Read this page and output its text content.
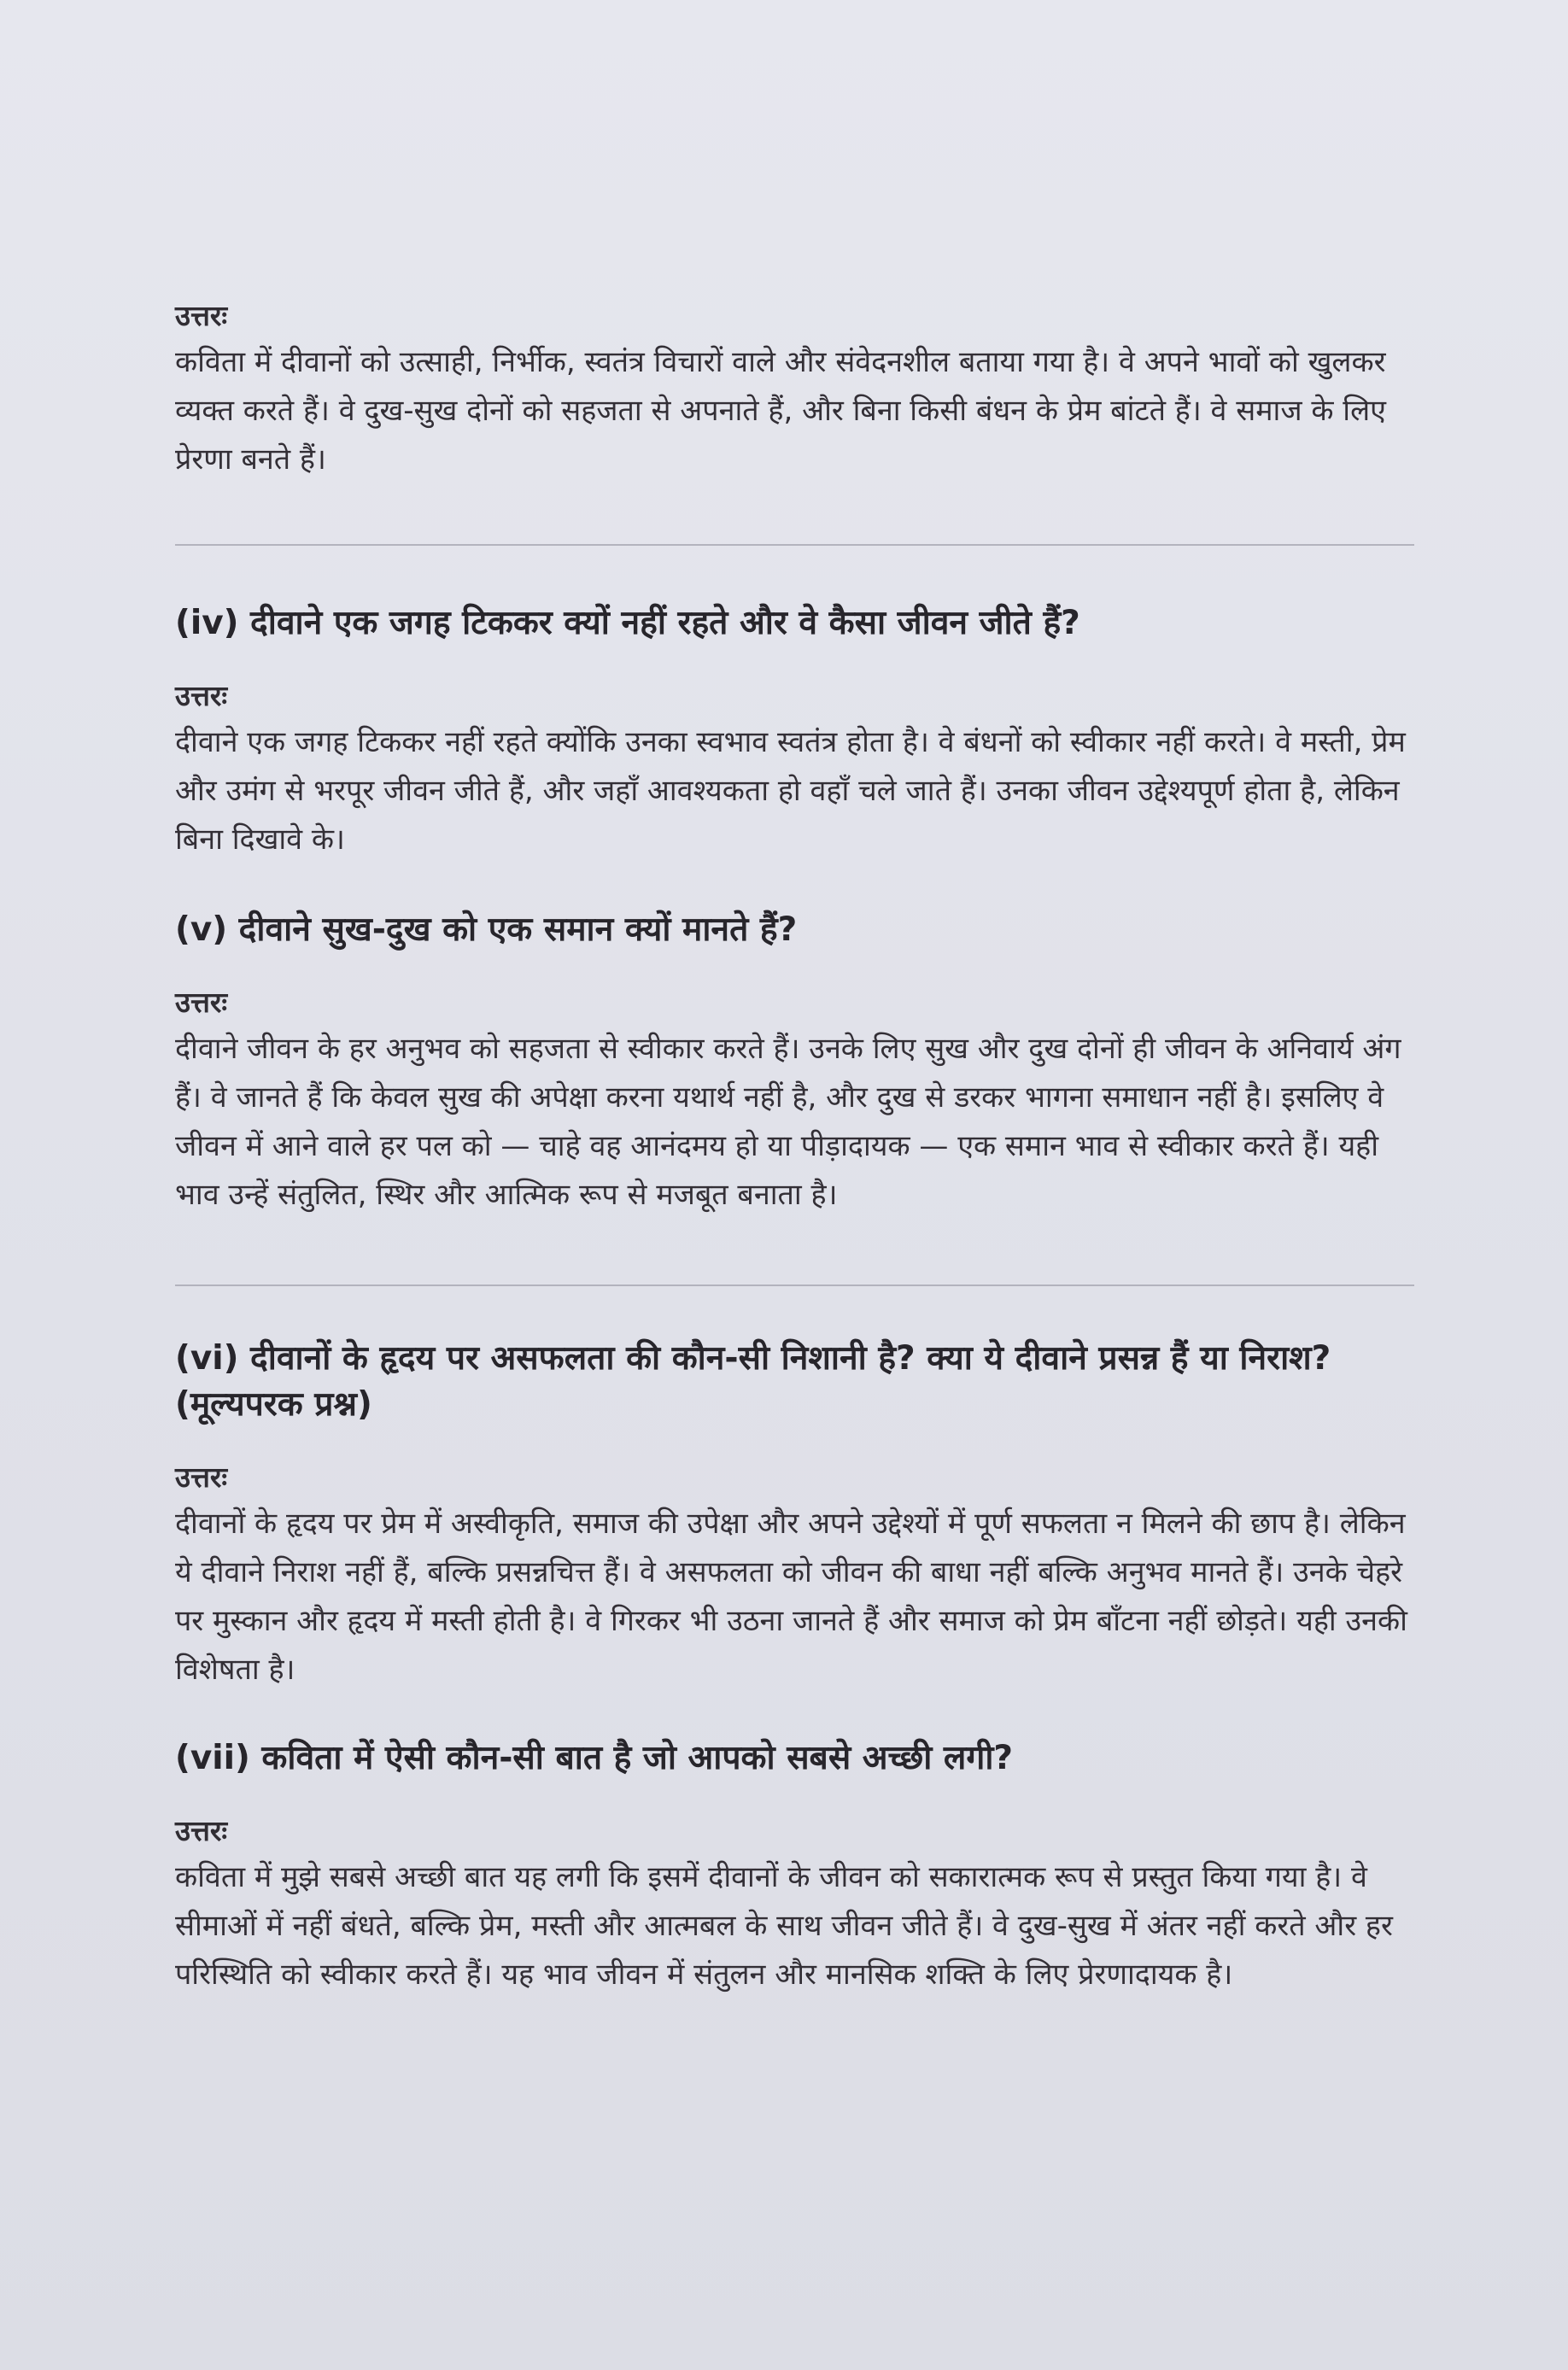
उत्तरः

कविता में दीवानों को उत्साही, निर्भीक, स्वतंत्र विचारों वाले और संवेदनशील बताया गया है। वे अपने भावों को खुलकर व्यक्त करते हैं। वे दुख-सुख दोनों को सहजता से अपनाते हैं, और बिना किसी बंधन के प्रेम बांटते हैं। वे समाज के लिए प्रेरणा बनते हैं।

(iv) दीवाने एक जगह टिककर क्यों नहीं रहते और वे कैसा जीवन जीते हैं?
उत्तरः

दीवाने एक जगह टिककर नहीं रहते क्योंकि उनका स्वभाव स्वतंत्र होता है। वे बंधनों को स्वीकार नहीं करते। वे मस्ती, प्रेम और उमंग से भरपूर जीवन जीते हैं, और जहाँ आवश्यकता हो वहाँ चले जाते हैं। उनका जीवन उद्देश्यपूर्ण होता है, लेकिन बिना दिखावे के।

(v) दीवाने सुख-दुख को एक समान क्यों मानते हैं?
उत्तरः

दीवाने जीवन के हर अनुभव को सहजता से स्वीकार करते हैं। उनके लिए सुख और दुख दोनों ही जीवन के अनिवार्य अंग हैं। वे जानते हैं कि केवल सुख की अपेक्षा करना यथार्थ नहीं है, और दुख से डरकर भागना समाधान नहीं है। इसलिए वे जीवन में आने वाले हर पल को — चाहे वह आनंदमय हो या पीड़ादायक — एक समान भाव से स्वीकार करते हैं। यही भाव उन्हें संतुलित, स्थिर और आत्मिक रूप से मजबूत बनाता है।

(vi) दीवानों के हृदय पर असफलता की कौन-सी निशानी है? क्या ये दीवाने प्रसन्न हैं या निराश? (मूल्यपरक प्रश्न)
उत्तरः

दीवानों के हृदय पर प्रेम में अस्वीकृति, समाज की उपेक्षा और अपने उद्देश्यों में पूर्ण सफलता न मिलने की छाप है। लेकिन ये दीवाने निराश नहीं हैं, बल्कि प्रसन्नचित्त हैं। वे असफलता को जीवन की बाधा नहीं बल्कि अनुभव मानते हैं। उनके चेहरे पर मुस्कान और हृदय में मस्ती होती है। वे गिरकर भी उठना जानते हैं और समाज को प्रेम बाँटना नहीं छोड़ते। यही उनकी विशेषता है।

(vii) कविता में ऐसी कौन-सी बात है जो आपको सबसे अच्छी लगी?
उत्तरः

कविता में मुझे सबसे अच्छी बात यह लगी कि इसमें दीवानों के जीवन को सकारात्मक रूप से प्रस्तुत किया गया है। वे सीमाओं में नहीं बंधते, बल्कि प्रेम, मस्ती और आत्मबल के साथ जीवन जीते हैं। वे दुख-सुख में अंतर नहीं करते और हर परिस्थिति को स्वीकार करते हैं। यह भाव जीवन में संतुलन और मानसिक शक्ति के लिए प्रेरणादायक है।
